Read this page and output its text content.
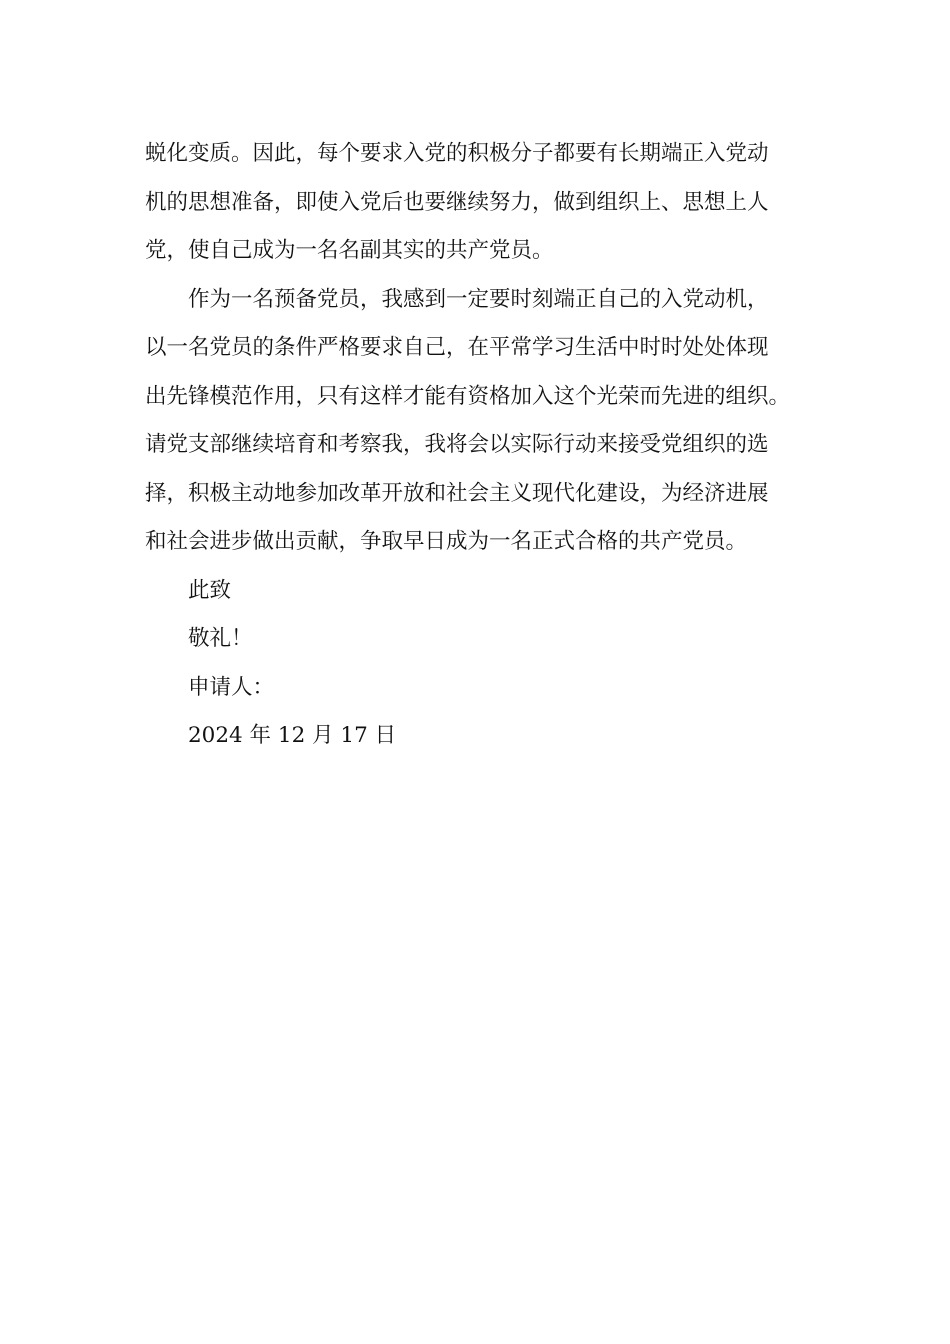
蜕化变质。因此，每个要求入党的积极分子都要有长期端正入党动
机的思想准备，即使入党后也要继续努力，做到组织上、思想上人
党，使自己成为一名名副其实的共产党员。
作为一名预备党员，我感到一定要时刻端正自己的入党动机，
以一名党员的条件严格要求自己，在平常学习生活中时时处处体现
出先锋模范作用，只有这样才能有资格加入这个光荣而先进的组织。
请党支部继续培育和考察我，我将会以实际行动来接受党组织的选
择，积极主动地参加改革开放和社会主义现代化建设，为经济进展
和社会进步做出贡献，争取早日成为一名正式合格的共产党员。
此致
敬礼！
申请人：
2024 年 12 月 17 日
